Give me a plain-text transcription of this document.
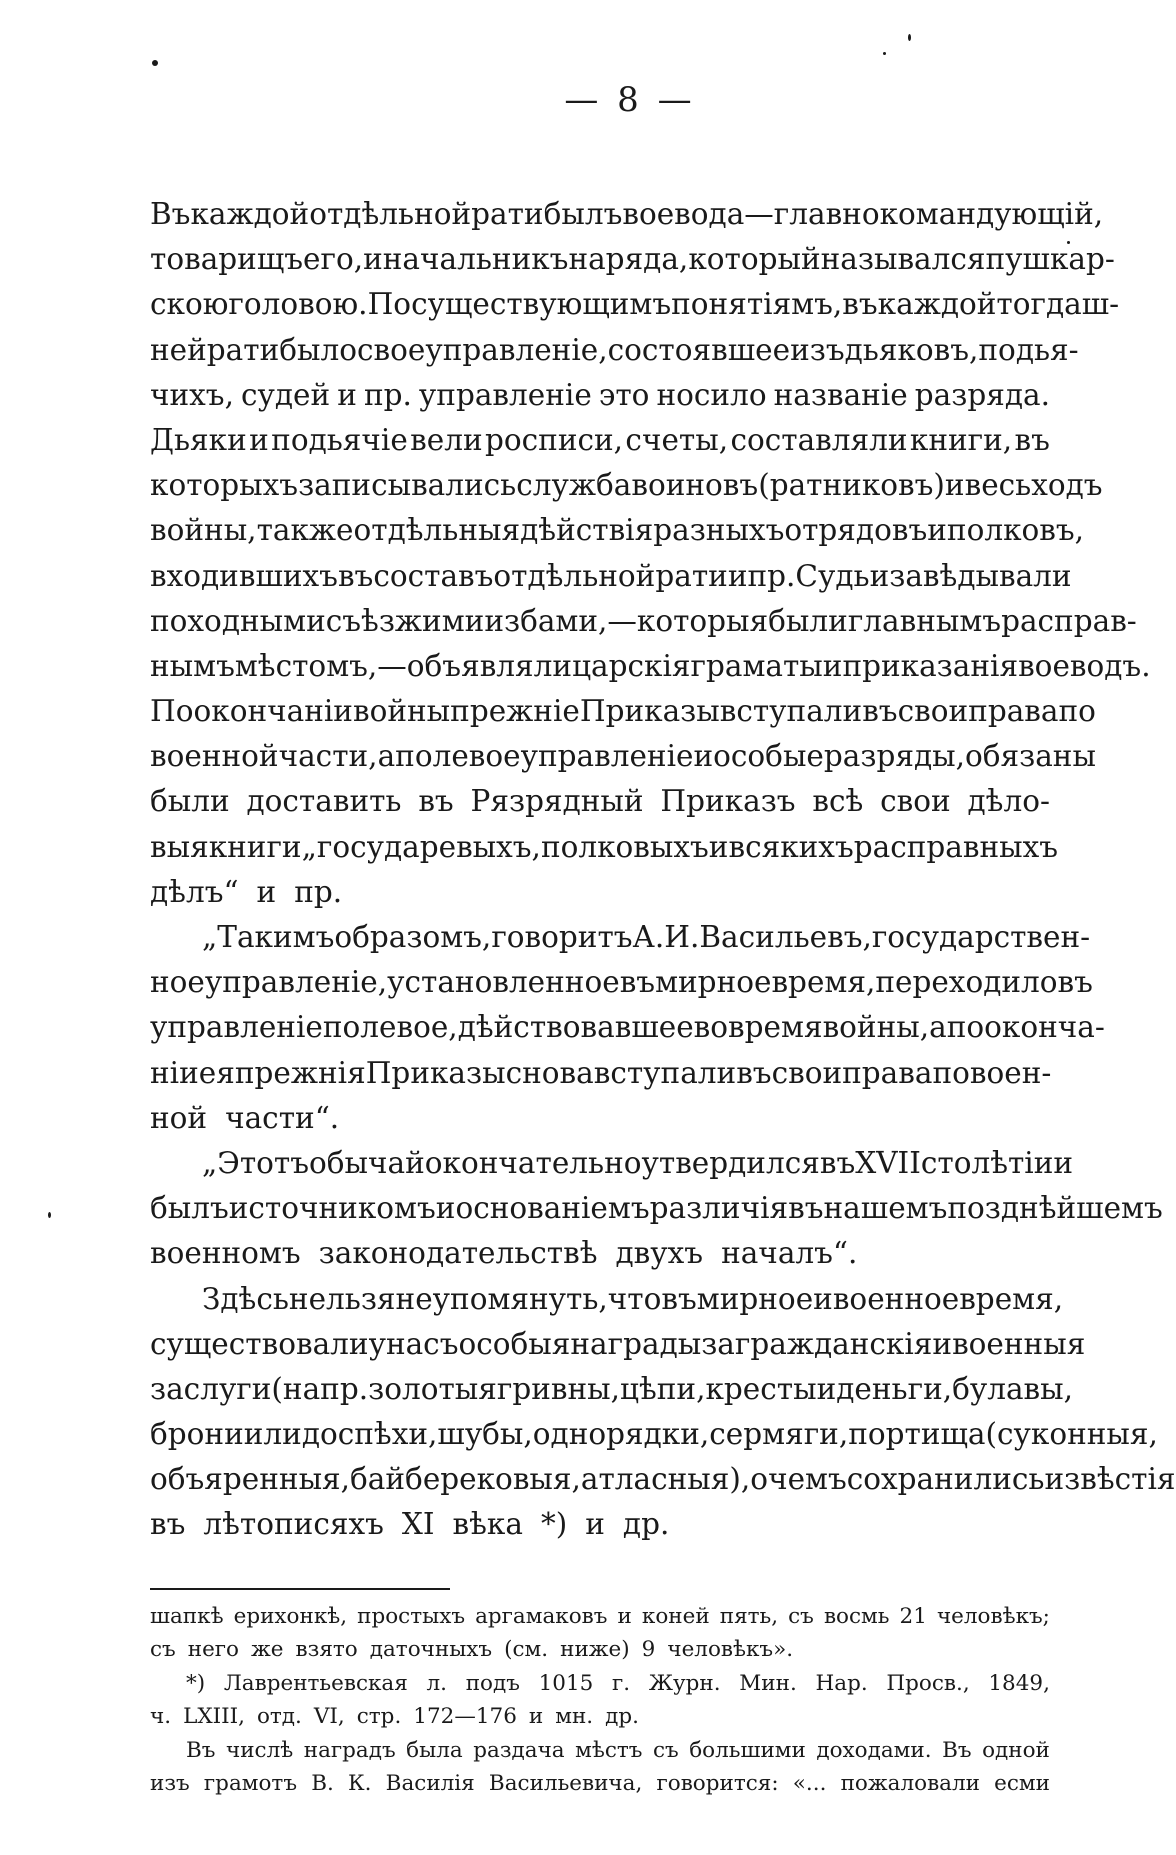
— 8 —
Въ каждой отдѣльной рати былъ воевода—главнокомандующій,
товарищъ его, и начальникъ наряда, который назывался пушкар-
скою головою. По существующимъ понятіямъ, въ каждой тогдаш-
ней рати было свое управленіе, состоявшее изъ дьяковъ, подья-
чихъ, судей и пр. управленіе это носило названіе разряда.
Дьяки и подьячіе вели росписи, счеты, составляли книги, въ
которыхъ записывались служба воиновъ (ратниковъ) и весь ходъ
войны, также отдѣльныя дѣйствія разныхъ отрядовъ и полковъ,
входившихъ въ составъ отдѣльной рати и пр. Судьи завѣдывали
походными съѣзжими избами,—которыя были главнымъ расправ-
нымъ мѣстомъ,—объявляли царскія граматы и приказанія воеводъ.
По окончаніи войны прежніе Приказы вступали въ свои права по
военной части, а полевое управленіе и особые разряды, обязаны
были доставить въ Рязрядный Приказъ всѣ свои дѣло-
выя книги „государевыхъ, полковыхъ и всякихъ расправныхъ
дѣлъ“ и пр.
„Такимъ образомъ, говоритъ А. И. Васильевъ, государствен-
ное управленіе, установленное въ мирное время, переходило въ
управленіе полевое, дѣйствовавшее во время войны, а по оконча-
ніи ея прежнія Приказы снова вступали въ свои права по воен-
ной части“.
„Этотъ обычай окончательно утвердился въ XVII столѣтіи и
былъ источникомъ и основаніемъ различія въ нашемъ позднѣйшемъ
военномъ законодательствѣ двухъ началъ“.
Здѣсь нельзя не упомянуть, что въ мирное и военное время,
существовали у насъ особыя награды за гражданскія и военныя
заслуги (напр. золотыя гривны, цѣпи, кресты и деньги, булавы,
брони или доспѣхи, шубы, однорядки, сермяги, портища (суконныя,
объяренныя, байберековыя, атласныя), о чемъ сохранились извѣстія
въ лѣтописяхъ XI вѣка *) и др.
шапкѣ ерихонкѣ, простыхъ аргамаковъ и коней пять, съ восмь 21 человѣкъ;
съ него же взято даточныхъ (см. ниже) 9 человѣкъ».
*) Лаврентьевская л. подъ 1015 г. Журн. Мин. Нар. Просв., 1849,
ч. LXIII, отд. VI, стр. 172—176 и мн. др.
Въ числѣ наградъ была раздача мѣстъ съ большими доходами. Въ одной
изъ грамотъ В. К. Василія Васильевича, говорится: «... пожаловали есми
